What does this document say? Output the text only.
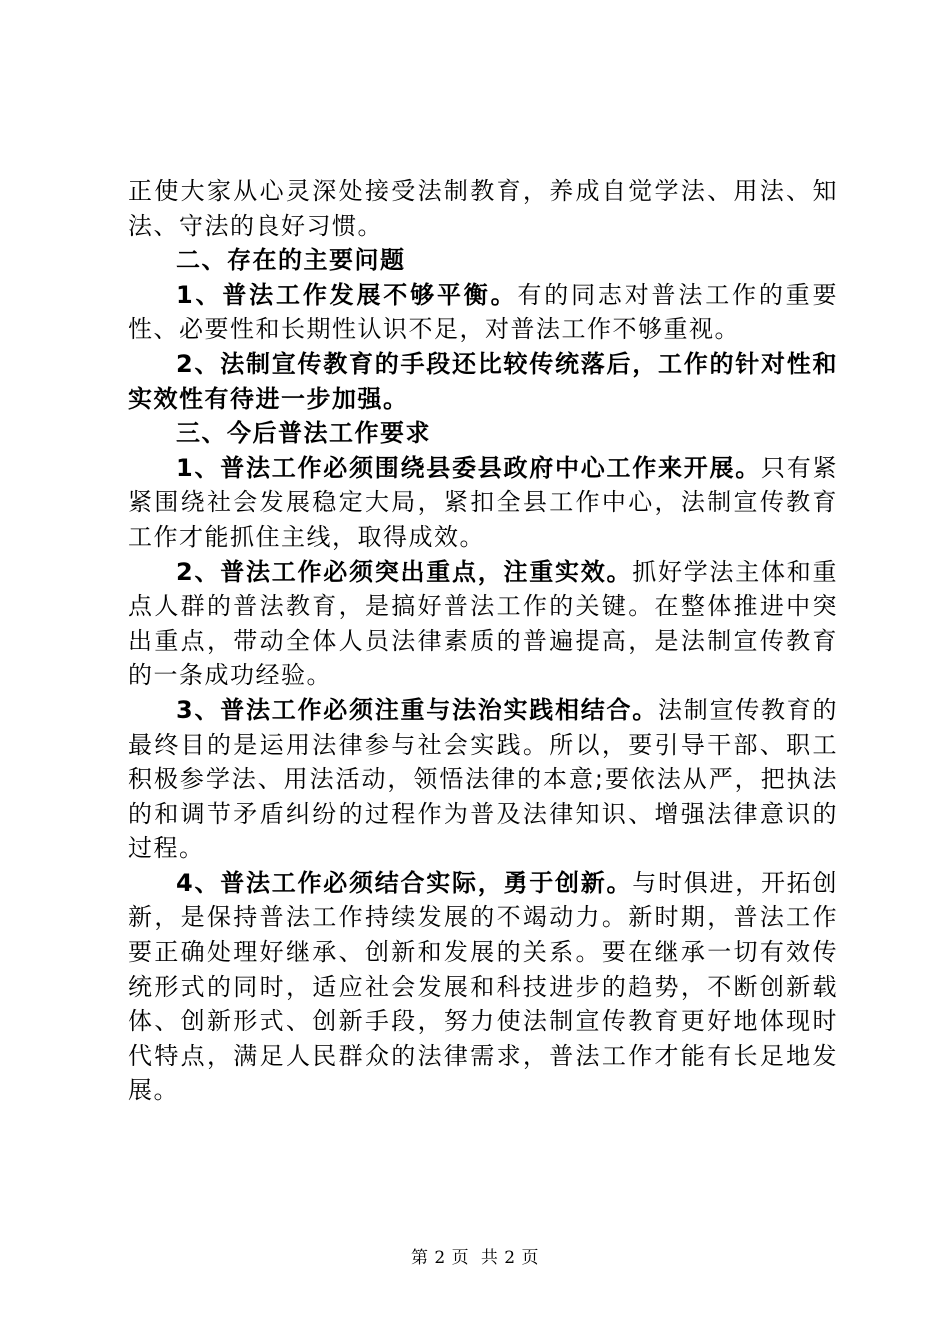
正使大家从心灵深处接受法制教育，养成自觉学法、用法、知法、守法的良好习惯。

二、存在的主要问题

1、普法工作发展不够平衡。有的同志对普法工作的重要性、必要性和长期性认识不足，对普法工作不够重视。

2、法制宣传教育的手段还比较传统落后，工作的针对性和实效性有待进一步加强。

三、今后普法工作要求

1、普法工作必须围绕县委县政府中心工作来开展。只有紧紧围绕社会发展稳定大局，紧扣全县工作中心，法制宣传教育工作才能抓住主线，取得成效。

2、普法工作必须突出重点，注重实效。抓好学法主体和重点人群的普法教育，是搞好普法工作的关键。在整体推进中突出重点，带动全体人员法律素质的普遍提高，是法制宣传教育的一条成功经验。

3、普法工作必须注重与法治实践相结合。法制宣传教育的最终目的是运用法律参与社会实践。所以，要引导干部、职工积极参学法、用法活动，领悟法律的本意;要依法从严，把执法的和调节矛盾纠纷的过程作为普及法律知识、增强法律意识的过程。

4、普法工作必须结合实际，勇于创新。与时俱进，开拓创新，是保持普法工作持续发展的不竭动力。新时期，普法工作要正确处理好继承、创新和发展的关系。要在继承一切有效传统形式的同时，适应社会发展和科技进步的趋势，不断创新载体、创新形式、创新手段，努力使法制宣传教育更好地体现时代特点，满足人民群众的法律需求，普法工作才能有长足地发展。

第 2 页  共 2 页
